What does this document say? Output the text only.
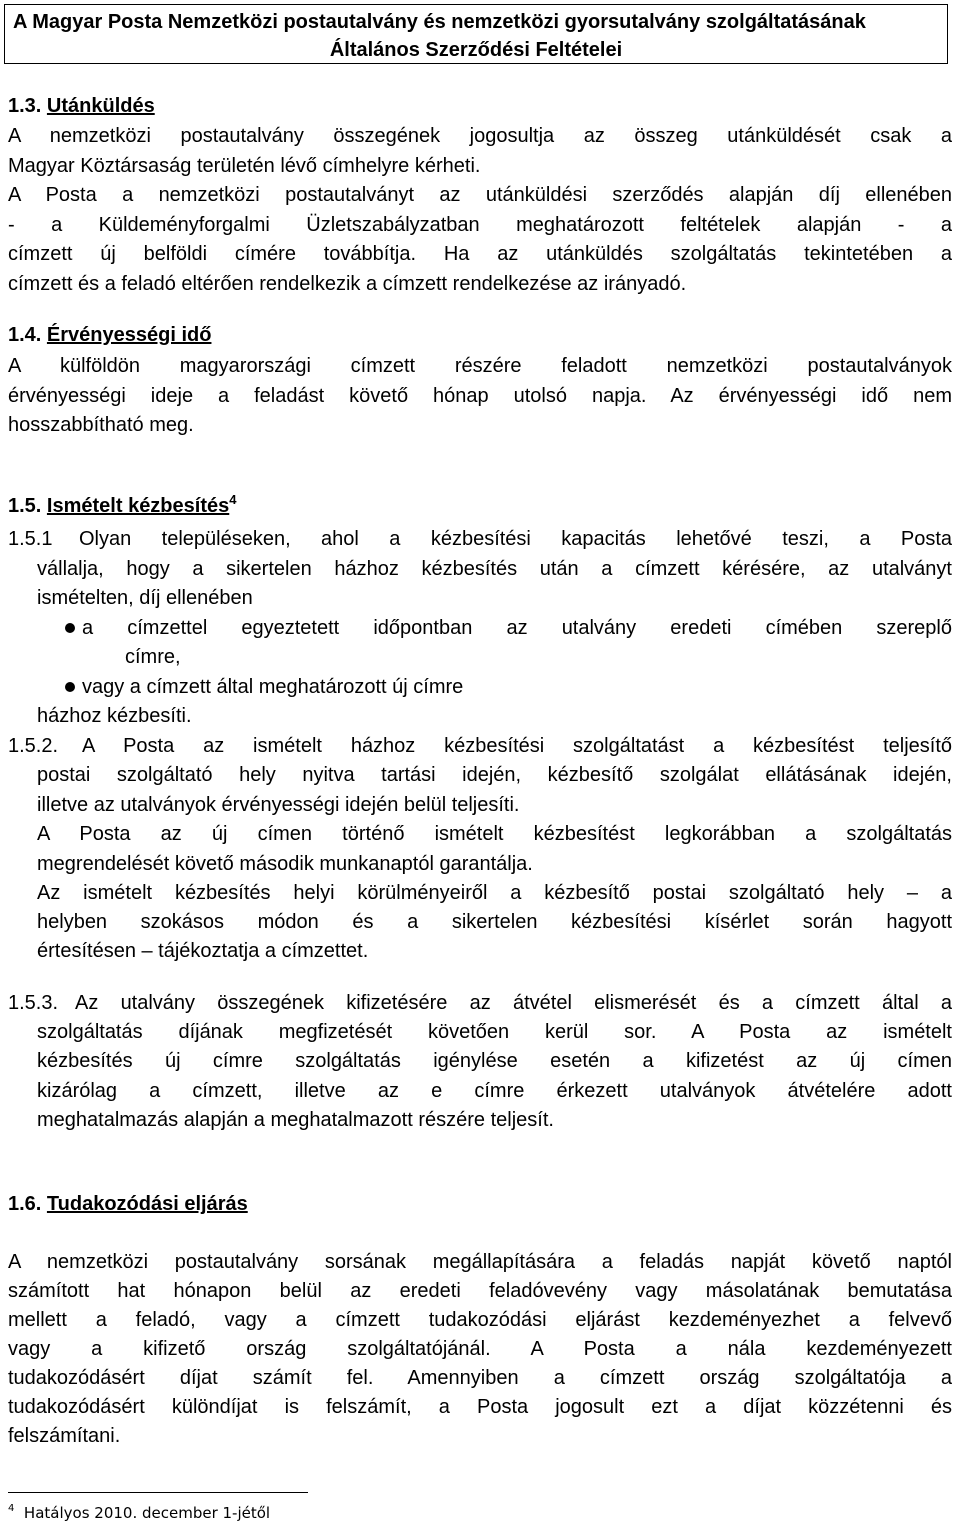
A Magyar Posta Nemzetközi postautalvány és nemzetközi gyorsutalvány szolgáltatásának
Általános Szerződési Feltételei
1.3. Utánküldés
A nemzetközi postautalvány összegének jogosultja az összeg utánküldését csak a
Magyar Köztársaság területén lévő címhelyre kérheti.
A Posta a nemzetközi postautalványt az utánküldési szerződés alapján díj ellenében
- a Küldeményforgalmi Üzletszabályzatban meghatározott feltételek alapján - a
címzett új belföldi címére továbbítja. Ha az utánküldés szolgáltatás tekintetében a
címzett és a feladó eltérően rendelkezik a címzett rendelkezése az irányadó.
1.4. Érvényességi idő
A külföldön magyarországi címzett részére feladott nemzetközi postautalványok
érvényességi ideje a feladást követő hónap utolsó napja. Az érvényességi idő nem
hosszabbítható meg.
1.5. Ismételt kézbesítés$^4$
1.5.1 Olyan településeken, ahol a kézbesítési kapacitás lehetővé teszi, a Posta
vállalja, hogy a sikertelen házhoz kézbesítés után a címzett kérésére, az utalványt
ismételten, díj ellenében
a címzettel egyeztetett időpontban az utalvány eredeti címében szereplő
címre,
vagy a címzett által meghatározott új címre
házhoz kézbesíti.
1.5.2. A Posta az ismételt házhoz kézbesítési szolgáltatást a kézbesítést teljesítő
postai szolgáltató hely nyitva tartási idején, kézbesítő szolgálat ellátásának idején,
illetve az utalványok érvényességi idején belül teljesíti.
A Posta az új címen történő ismételt kézbesítést legkorábban a szolgáltatás
megrendelését követő második munkanaptól garantálja.
Az ismételt kézbesítés helyi körülményeiről a kézbesítő postai szolgáltató hely – a
helyben szokásos módon és a sikertelen kézbesítési kísérlet során hagyott
értesítésen – tájékoztatja a címzettet.
1.5.3. Az utalvány összegének kifizetésére az átvétel elismerését és a címzett által a
szolgáltatás díjának megfizetését követően kerül sor. A Posta az ismételt
kézbesítés új címre szolgáltatás igénylése esetén a kifizetést az új címen
kizárólag a címzett, illetve az e címre érkezett utalványok átvételére adott
meghatalmazás alapján a meghatalmazott részére teljesít.
1.6. Tudakozódási eljárás
A nemzetközi postautalvány sorsának megállapítására a feladás napját követő naptól
számított hat hónapon belül az eredeti feladóvevény vagy másolatának bemutatása
mellett a feladó, vagy a címzett tudakozódási eljárást kezdeményezhet a felvevő
vagy a kifizető ország szolgáltatójánál. A Posta a nála kezdeményezett
tudakozódásért díjat számít fel. Amennyiben a címzett ország szolgáltatója a
tudakozódásért különdíjat is felszámít, a Posta jogosult ezt a díjat közzétenni és
felszámítani.
$^4$ Hatályos 2010. december 1-jétől
